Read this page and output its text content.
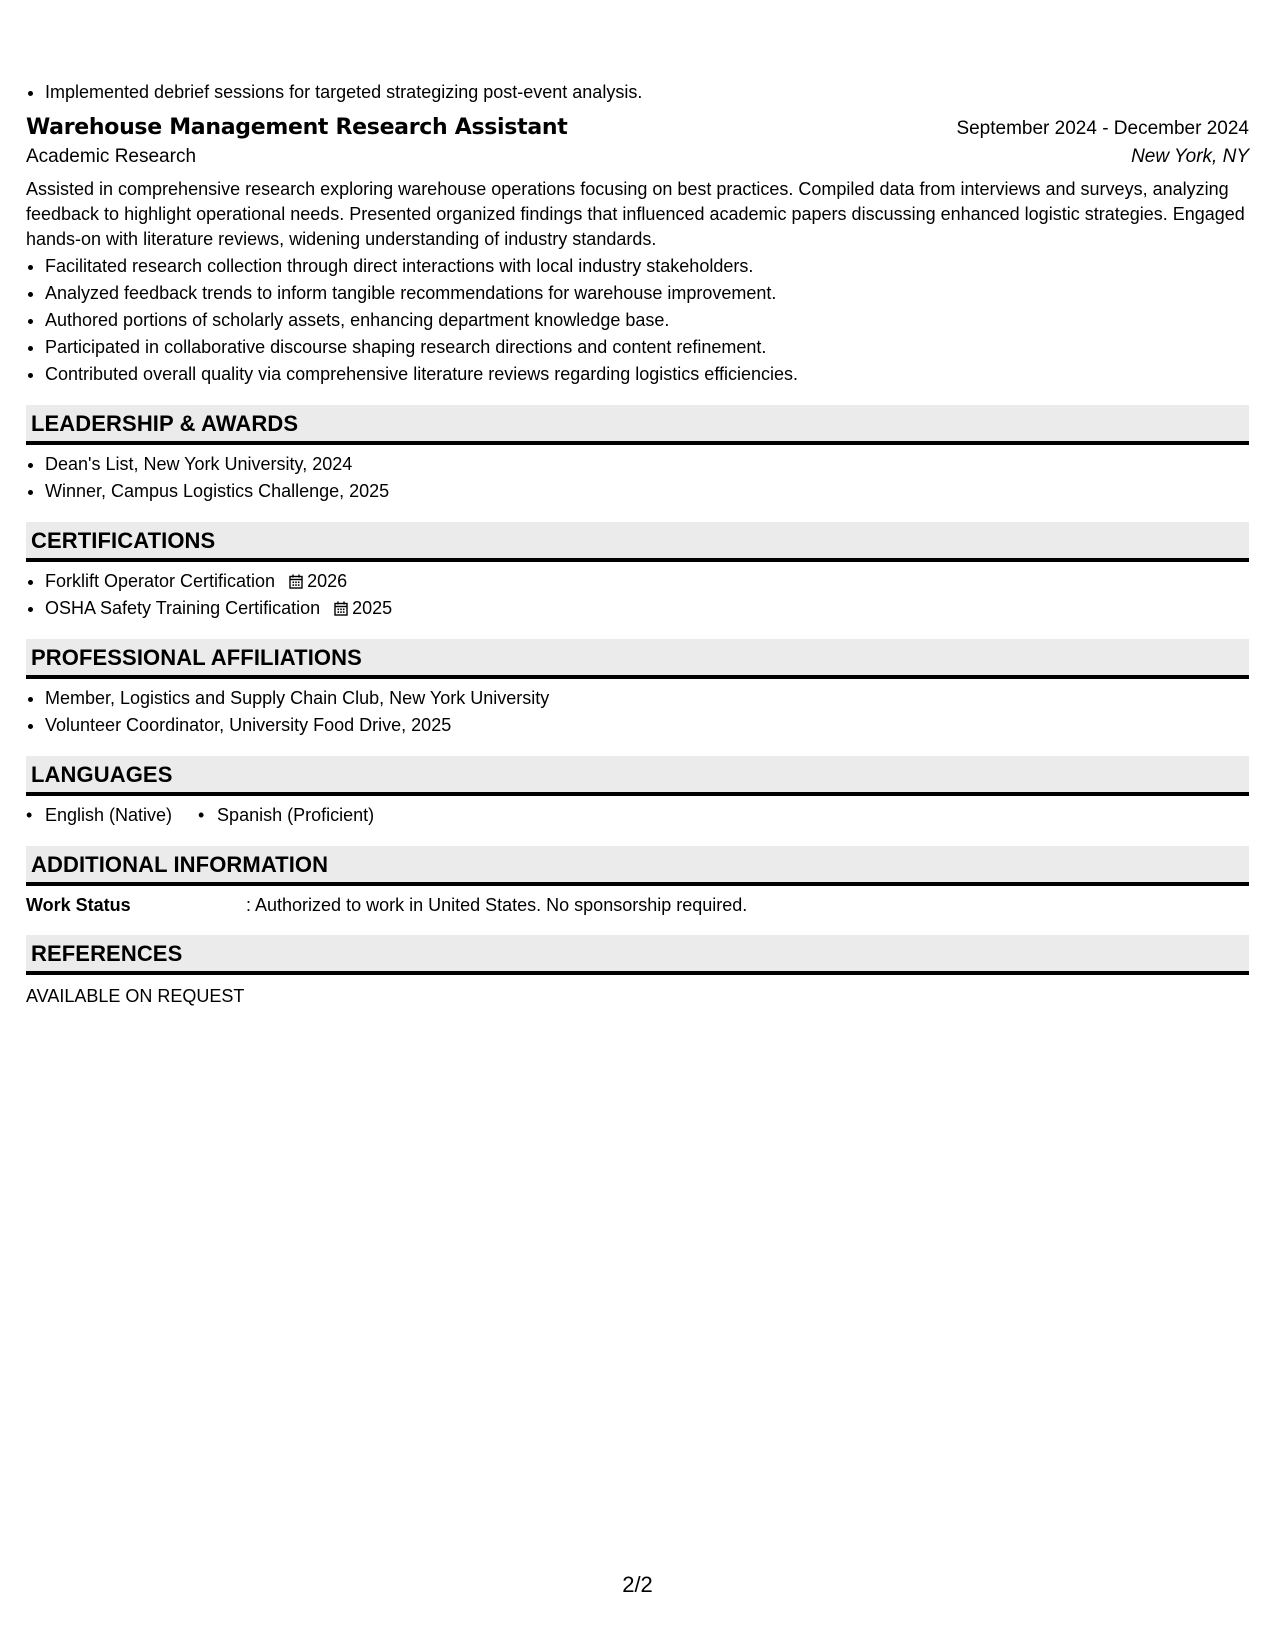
• Implemented debrief sessions for targeted strategizing post-event analysis.
Warehouse Management Research Assistant	September 2024 - December 2024
Academic Research	New York, NY
Assisted in comprehensive research exploring warehouse operations focusing on best practices. Compiled data from interviews and surveys, analyzing feedback to highlight operational needs. Presented organized findings that influenced academic papers discussing enhanced logistic strategies. Engaged hands-on with literature reviews, widening understanding of industry standards.
• Facilitated research collection through direct interactions with local industry stakeholders.
• Analyzed feedback trends to inform tangible recommendations for warehouse improvement.
• Authored portions of scholarly assets, enhancing department knowledge base.
• Participated in collaborative discourse shaping research directions and content refinement.
• Contributed overall quality via comprehensive literature reviews regarding logistics efficiencies.
LEADERSHIP & AWARDS
• Dean's List, New York University, 2024
• Winner, Campus Logistics Challenge, 2025
CERTIFICATIONS
• Forklift Operator Certification 2026
• OSHA Safety Training Certification 2025
PROFESSIONAL AFFILIATIONS
• Member, Logistics and Supply Chain Club, New York University
• Volunteer Coordinator, University Food Drive, 2025
LANGUAGES
• English (Native)
•	Spanish (Proficient)
ADDITIONAL INFORMATION
Work Status	: Authorized to work in United States. No sponsorship required.
REFERENCES
AVAILABLE ON REQUEST
2/2
